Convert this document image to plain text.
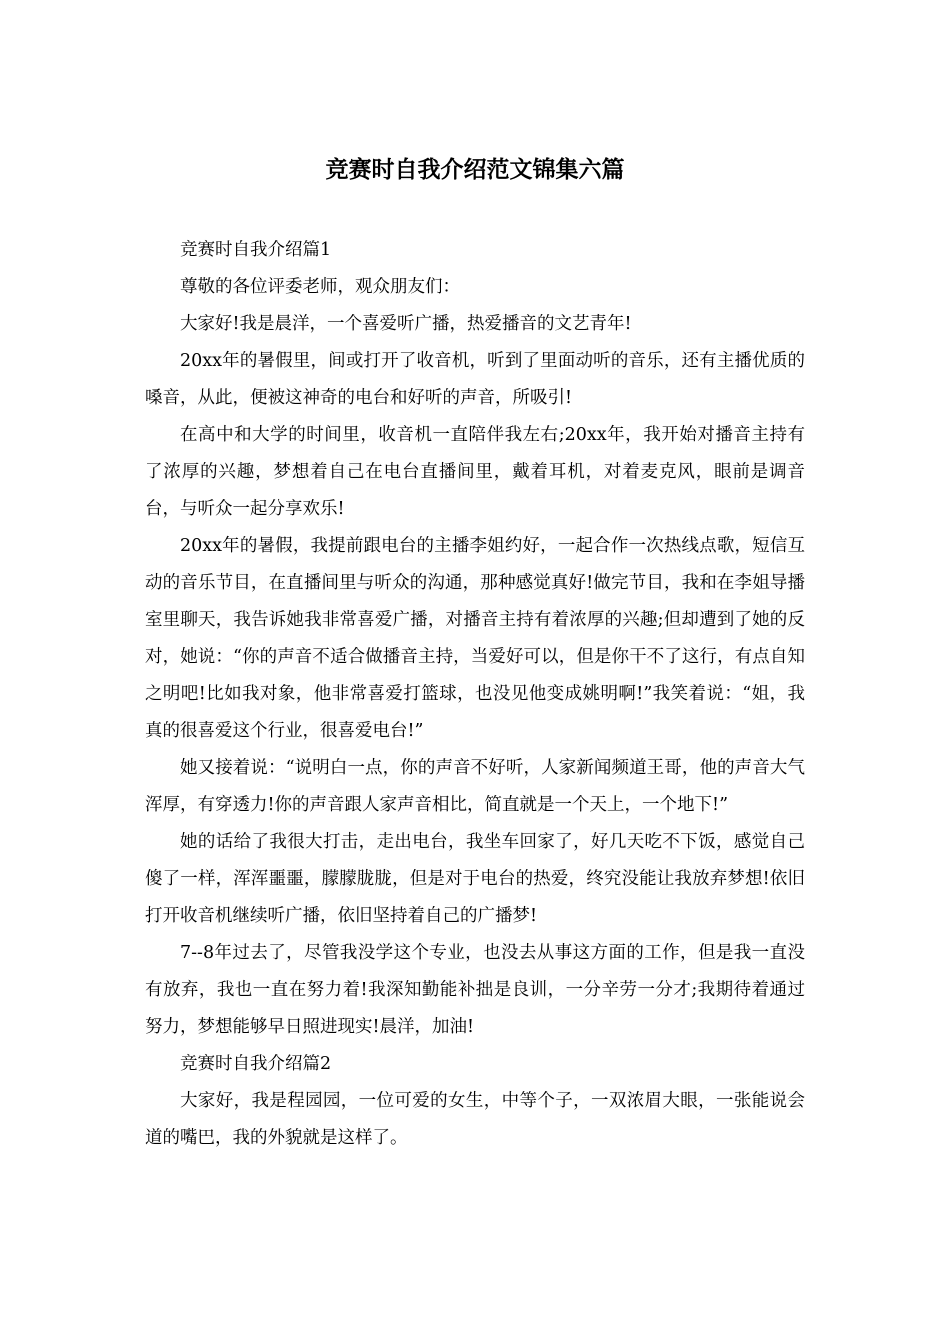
竞赛时自我介绍范文锦集六篇

竞赛时自我介绍篇1

尊敬的各位评委老师，观众朋友们：

大家好!我是晨洋，一个喜爱听广播，热爱播音的文艺青年!

20xx年的暑假里，间或打开了收音机，听到了里面动听的音乐，还有主播优质的嗓音，从此，便被这神奇的电台和好听的声音，所吸引!

在高中和大学的时间里，收音机一直陪伴我左右;20xx年，我开始对播音主持有了浓厚的兴趣，梦想着自己在电台直播间里，戴着耳机，对着麦克风，眼前是调音台，与听众一起分享欢乐!

20xx年的暑假，我提前跟电台的主播李姐约好，一起合作一次热线点歌，短信互动的音乐节目，在直播间里与听众的沟通，那种感觉真好!做完节目，我和在李姐导播室里聊天，我告诉她我非常喜爱广播，对播音主持有着浓厚的兴趣;但却遭到了她的反对，她说：“你的声音不适合做播音主持，当爱好可以，但是你干不了这行，有点自知之明吧!比如我对象，他非常喜爱打篮球，也没见他变成姚明啊!”我笑着说：“姐，我真的很喜爱这个行业，很喜爱电台!”

她又接着说：“说明白一点，你的声音不好听，人家新闻频道王哥，他的声音大气浑厚，有穿透力!你的声音跟人家声音相比，简直就是一个天上，一个地下!”

她的话给了我很大打击，走出电台，我坐车回家了，好几天吃不下饭，感觉自己傻了一样，浑浑噩噩，朦朦胧胧，但是对于电台的热爱，终究没能让我放弃梦想!依旧打开收音机继续听广播，依旧坚持着自己的广播梦!

7--8年过去了，尽管我没学这个专业，也没去从事这方面的工作，但是我一直没有放弃，我也一直在努力着!我深知勤能补拙是良训，一分辛劳一分才;我期待着通过努力，梦想能够早日照进现实!晨洋，加油!

竞赛时自我介绍篇2

大家好，我是程园园，一位可爱的女生，中等个子，一双浓眉大眼，一张能说会道的嘴巴，我的外貌就是这样了。
